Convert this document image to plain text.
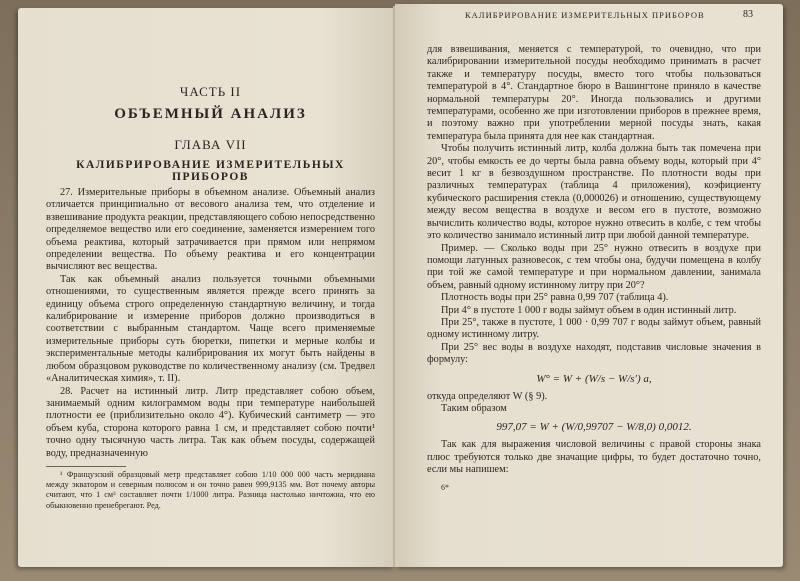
ЧАСТЬ II
ОБЪЕМНЫЙ АНАЛИЗ
ГЛАВА VII
КАЛИБРИРОВАНИЕ ИЗМЕРИТЕЛЬНЫХ ПРИБОРОВ

27. Измерительные приборы в объемном анализе. Объемный анализ отличается принципиально от весового анализа тем, что отделение и взвешивание продукта реакции, представляющего собою непосредственно определяемое вещество или его соединение, заменяется измерением того объема реактива, который затрачивается при прямом или непрямом определении вещества. По объему реактива и его концентрации вычисляют вес вещества.

Так как объемный анализ пользуется точными объемными отношениями, то существенным является прежде всего принять за единицу объема строго определенную стандартную величину, и тогда калибрирование и измерение приборов должно производиться в соответствии с выбранным стандартом. Чаще всего применяемые измерительные приборы суть бюретки, пипетки и мерные колбы и экспериментальные методы калибрирования их могут быть найдены в любом образцовом руководстве по количественному анализу (см. Тредвел «Аналитическая химия», т. II).

28. Расчет на истинный литр. Литр представляет собою объем, занимаемый одним килограммом воды при температуре наибольшей плотности ее (приблизительно около 4°). Кубический сантиметр — это объем куба, сторона которого равна 1 см, и представляет собою почти¹ точно одну тысячную часть литра. Так как объем посуды, содержащей воду, предназначенную

¹ Французский образцовый метр представляет собою 1/10 000 000 часть меридиана между экватором и северным полюсом и он точно равен 999,9135 мм. Вот почему авторы считают, что 1 см³ составляет почти 1/1000 литра. Разница настолько ничтожна, что ею обыкновенно пренебрегают. Ред.

КАЛИБРИРОВАНИЕ ИЗМЕРИТЕЛЬНЫХ ПРИБОРОВ	83

для взвешивания, меняется с температурой, то очевидно, что при калибрировании измерительной посуды необходимо принимать в расчет также и температуру посуды, вместо того чтобы пользоваться температурой в 4°. Стандартное бюро в Вашингтоне приняло в качестве нормальной температуры 20°. Иногда пользовались и другими температурами, особенно же при изготовлении приборов в прежнее время, и поэтому важно при употреблении мерной посуды знать, какая температура была принята для нее как стандартная.

Чтобы получить истинный литр, колба должна быть так помечена при 20°, чтобы емкость ее до черты была равна объему воды, который при 4° весит 1 кг в безвоздушном пространстве. По плотности воды при различных температурах (таблица 4 приложения), коэфициенту кубического расширения стекла (0,000026) и отношению, существующему между весом вещества в воздухе и весом его в пустоте, возможно вычислить количество воды, которое нужно отвесить в колбе, с тем чтобы это количество занимало истинный литр при любой данной температуре.

Пример. — Сколько воды при 25° нужно отвесить в воздухе при помощи латунных разновесок, с тем чтобы она, будучи помещена в колбу при той же самой температуре и при нормальном давлении, занимала объем, равный одному истинному литру при 20°?

Плотность воды при 25° равна 0,99 707 (таблица 4).

При 4° в пустоте 1 000 г воды займут объем в один истинный литр.

При 25°, также в пустоте, 1 000 · 0,99 707 г воды займут объем, равный одному истинному литру.

При 25° вес воды в воздухе находят, подставив числовые значения в формулу:

W° = W + (W/s − W/s′) a,

откуда определяют W (§ 9).

Таким образом

997,07 = W + (W/0,99707 − W/8,0) 0,0012.

Так как для выражения числовой величины с правой стороны знака плюс требуются только две значащие цифры, то будет достаточно точно, если мы напишем:

6*
